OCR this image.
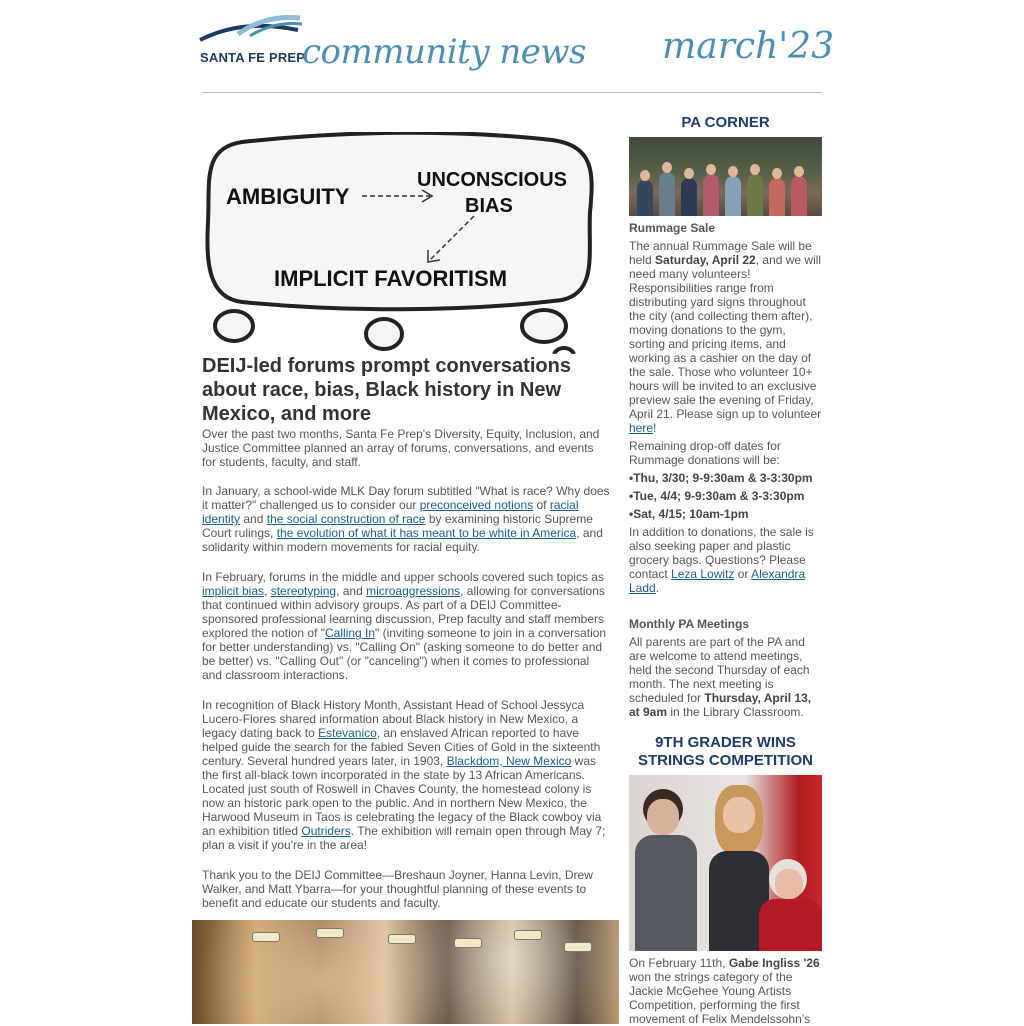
SANTA FE PREP
community news march'23
AMBIGUITY
UNCONSCIOUS
BIAS
IMPLICIT FAVORITISM
DEIJ-led forums prompt conversations about race, bias, Black history in New Mexico, and more

Over the past two months, Santa Fe Prep's Diversity, Equity, Inclusion, and Justice Committee planned an array of forums, conversations, and events for students, faculty, and staff.

In January, a school-wide MLK Day forum subtitled "What is race? Why does it matter?" challenged us to consider our preconceived notions of racial identity and the social construction of race by examining historic Supreme Court rulings, the evolution of what it has meant to be white in America, and solidarity within modern movements for racial equity.

In February, forums in the middle and upper schools covered such topics as implicit bias, stereotyping, and microaggressions, allowing for conversations that continued within advisory groups. As part of a DEIJ Committee-sponsored professional learning discussion, Prep faculty and staff members explored the notion of "Calling In" (inviting someone to join in a conversation for better understanding) vs. "Calling On" (asking someone to do better and be better) vs. "Calling Out" (or "canceling") when it comes to professional and classroom interactions.

In recognition of Black History Month, Assistant Head of School Jessyca Lucero-Flores shared information about Black history in New Mexico, a legacy dating back to Estevanico, an enslaved African reported to have helped guide the search for the fabled Seven Cities of Gold in the sixteenth century. Several hundred years later, in 1903, Blackdom, New Mexico was the first all-black town incorporated in the state by 13 African Americans. Located just south of Roswell in Chaves County, the homestead colony is now an historic park open to the public. And in northern New Mexico, the Harwood Museum in Taos is celebrating the legacy of the Black cowboy via an exhibition titled Outriders. The exhibition will remain open through May 7; plan a visit if you're in the area!

Thank you to the DEIJ Committee—Breshaun Joyner, Hanna Levin, Drew Walker, and Matt Ybarra—for your thoughtful planning of these events to benefit and educate our students and faculty.

PA CORNER
Rummage Sale

The annual Rummage Sale will be held Saturday, April 22, and we will need many volunteers! Responsibilities range from distributing yard signs throughout the city (and collecting them after), moving donations to the gym, sorting and pricing items, and working as a cashier on the day of the sale. Those who volunteer 10+ hours will be invited to an exclusive preview sale the evening of Friday, April 21. Please sign up to volunteer here!

Remaining drop-off dates for Rummage donations will be:

•Thu, 3/30; 9-9:30am & 3-3:30pm

•Tue, 4/4; 9-9:30am & 3-3:30pm

•Sat, 4/15; 10am-1pm

In addition to donations, the sale is also seeking paper and plastic grocery bags. Questions? Please contact Leza Lowitz or Alexandra Ladd.

Monthly PA Meetings

All parents are part of the PA and are welcome to attend meetings, held the second Thursday of each month. The next meeting is scheduled for Thursday, April 13, at 9am in the Library Classroom.

9TH GRADER WINS STRINGS COMPETITION

On February 11th, Gabe Ingliss '26 won the strings category of the Jackie McGehee Young Artists Competition, performing the first movement of Felix Mendelssohn’s
